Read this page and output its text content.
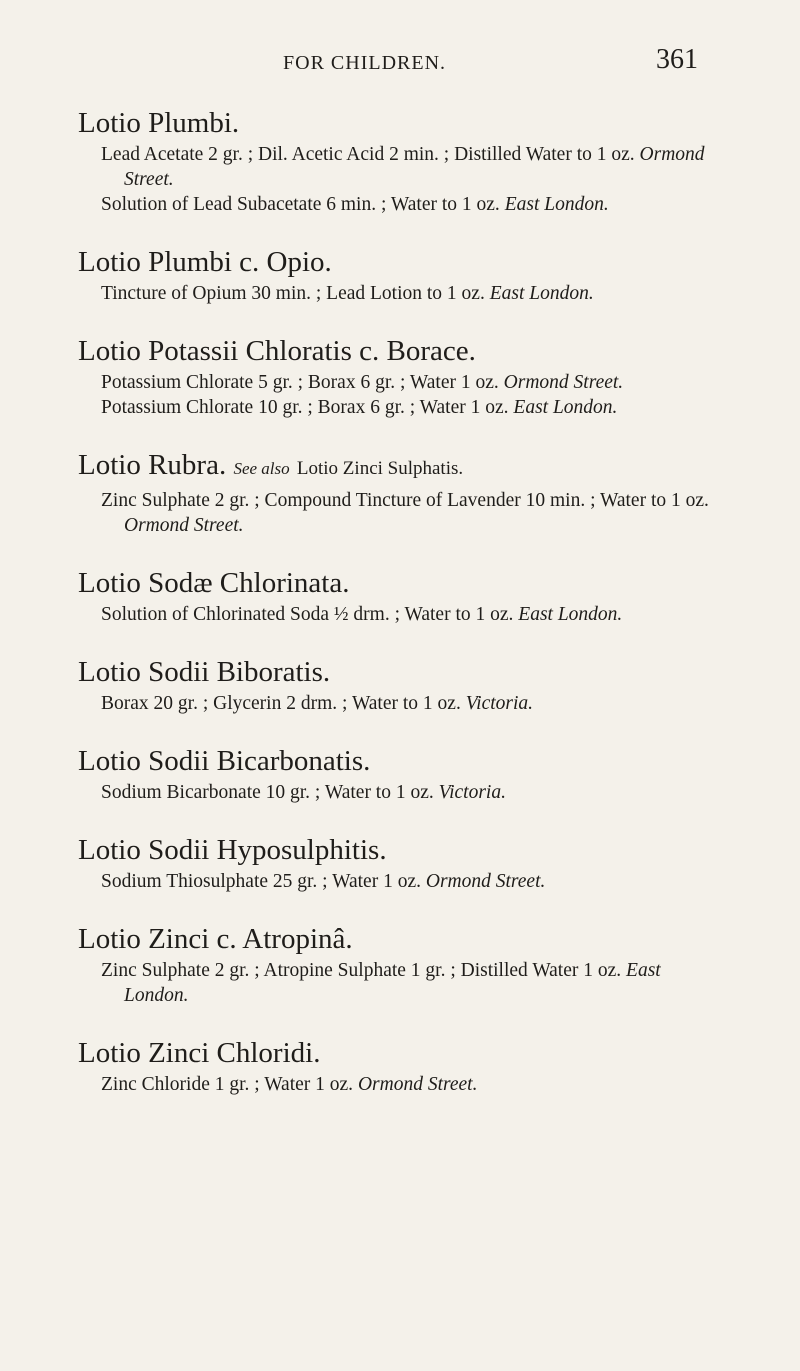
FOR CHILDREN.	361
Lotio Plumbi.

Lead Acetate 2 gr. ; Dil. Acetic Acid 2 min. ; Distilled Water to 1 oz. Ormond Street.

Solution of Lead Subacetate 6 min. ; Water to 1 oz. East London.

Lotio Plumbi c. Opio.

Tincture of Opium 30 min. ; Lead Lotion to 1 oz. East London.

Lotio Potassii Chloratis c. Borace.

Potassium Chlorate 5 gr. ; Borax 6 gr. ; Water 1 oz. Ormond Street.

Potassium Chlorate 10 gr. ; Borax 6 gr. ; Water 1 oz. East London.

Lotio Rubra. See also Lotio Zinci Sulphatis.

Zinc Sulphate 2 gr. ; Compound Tincture of Lavender 10 min. ; Water to 1 oz. Ormond Street.

Lotio Sodæ Chlorinata.

Solution of Chlorinated Soda ½ drm. ; Water to 1 oz. East London.

Lotio Sodii Biboratis.

Borax 20 gr. ; Glycerin 2 drm. ; Water to 1 oz. Victoria.

Lotio Sodii Bicarbonatis.

Sodium Bicarbonate 10 gr. ; Water to 1 oz. Victoria.

Lotio Sodii Hyposulphitis.

Sodium Thiosulphate 25 gr. ; Water 1 oz. Ormond Street.

Lotio Zinci c. Atropinâ.

Zinc Sulphate 2 gr. ; Atropine Sulphate 1 gr. ; Distilled Water 1 oz. East London.

Lotio Zinci Chloridi.

Zinc Chloride 1 gr. ; Water 1 oz. Ormond Street.
